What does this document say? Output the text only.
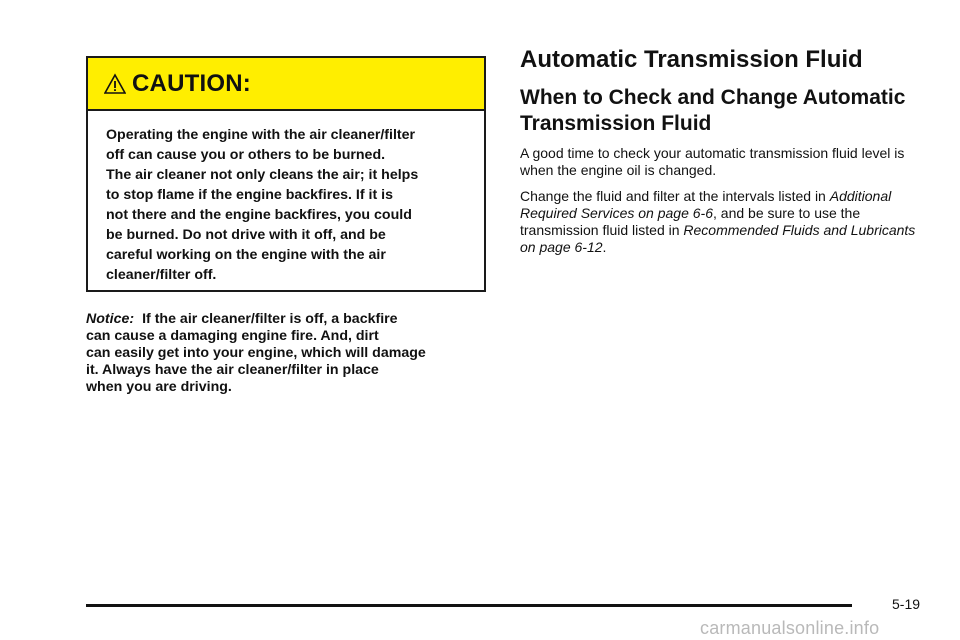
CAUTION:

Operating the engine with the air cleaner/filter

off can cause you or others to be burned.

The air cleaner not only cleans the air; it helps

to stop flame if the engine backfires. If it is

not there and the engine backfires, you could

be burned. Do not drive with it off, and be

careful working on the engine with the air

cleaner/filter off.

Notice: If the air cleaner/filter is off, a backfire
can cause a damaging engine fire. And, dirt
can easily get into your engine, which will damage
it. Always have the air cleaner/filter in place
when you are driving.
Automatic Transmission Fluid
When to Check and Change Automatic Transmission Fluid

A good time to check your automatic transmission fluid level is when the engine oil is changed.

Change the fluid and filter at the intervals listed in Additional Required Services on page 6-6, and be sure to use the transmission fluid listed in Recommended Fluids and Lubricants on page 6-12.

5-19
carmanualsonline.info
